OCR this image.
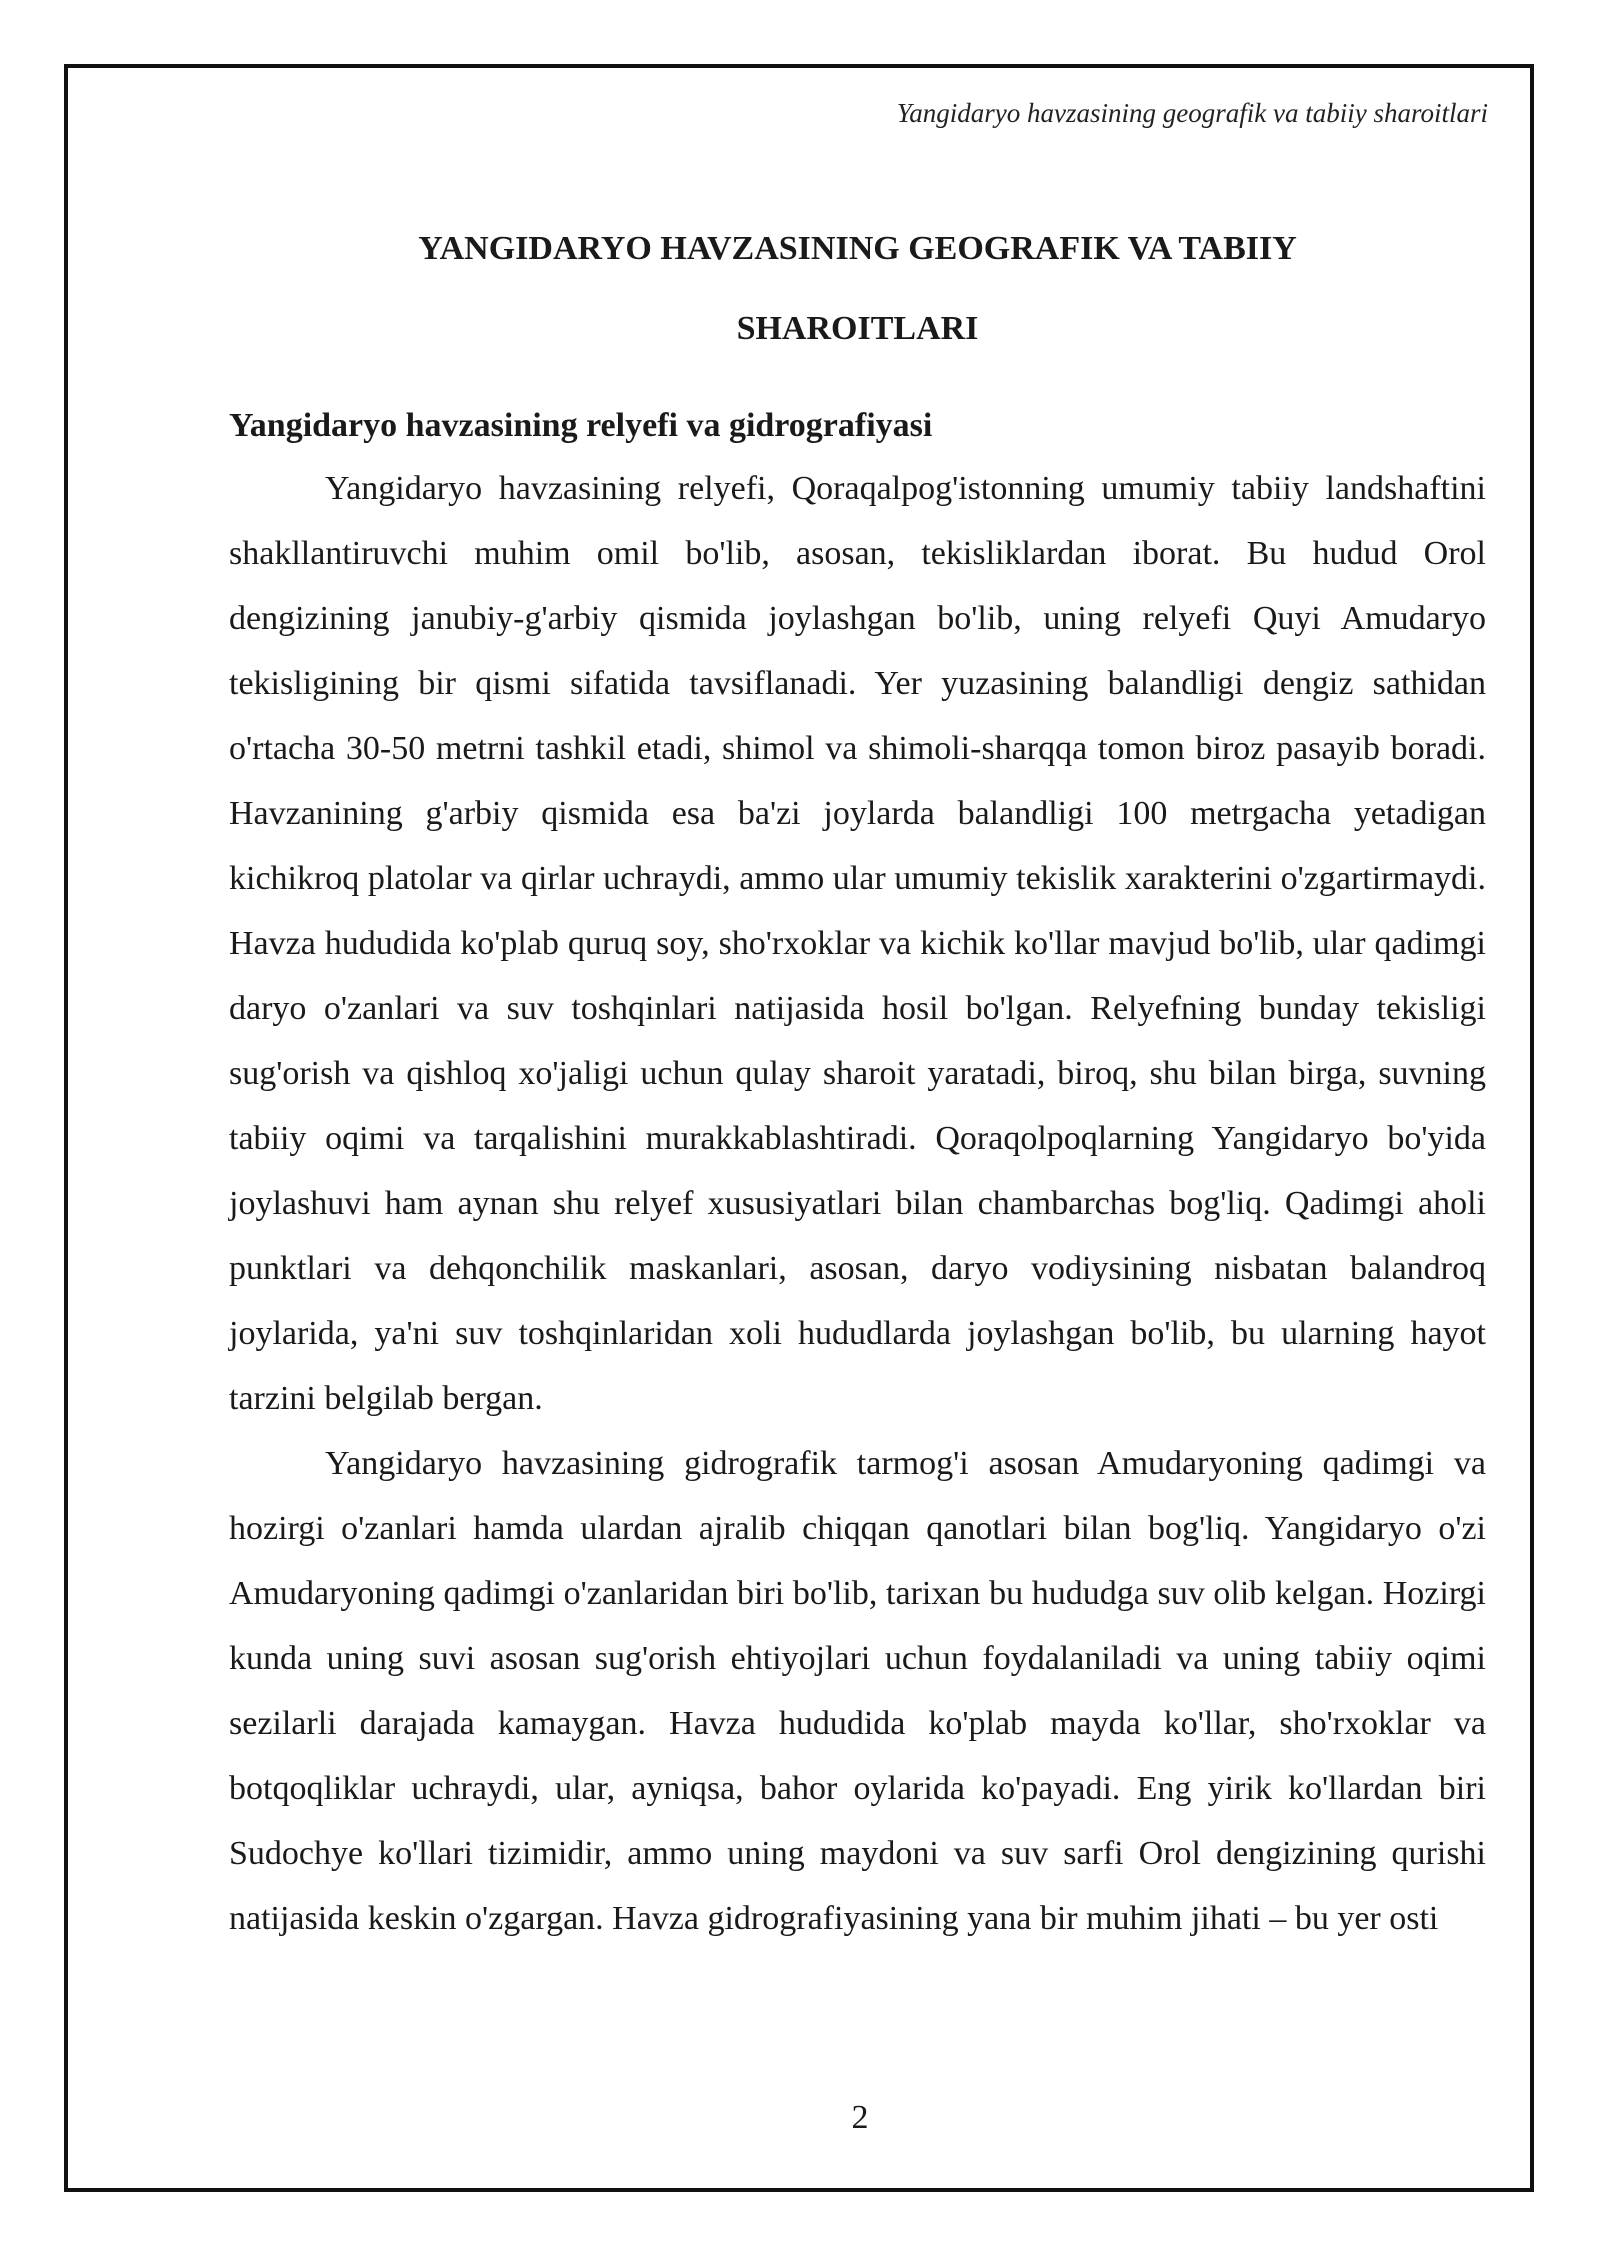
Yangidaryo havzasining geografik va tabiiy sharoitlari
YANGIDARYO HAVZASINING GEOGRAFIK VA TABIIY
SHAROITLARI
Yangidaryo havzasining relyefi va gidrografiyasi

Yangidaryo havzasining relyefi, Qoraqalpog'istonning umumiy tabiiy landshaftini shakllantiruvchi muhim omil bo'lib, asosan, tekisliklardan iborat. Bu hudud Orol dengizining janubiy-g'arbiy qismida joylashgan bo'lib, uning relyefi Quyi Amudaryo tekisligining bir qismi sifatida tavsiflanadi. Yer yuzasining balandligi dengiz sathidan o'rtacha 30-50 metrni tashkil etadi, shimol va shimoli-sharqqa tomon biroz pasayib boradi. Havzanining g'arbiy qismida esa ba'zi joylarda balandligi 100 metrgacha yetadigan kichikroq platolar va qirlar uchraydi, ammo ular umumiy tekislik xarakterini o'zgartirmaydi. Havza hududida ko'plab quruq soy, sho'rxoklar va kichik ko'llar mavjud bo'lib, ular qadimgi daryo o'zanlari va suv toshqinlari natijasida hosil bo'lgan. Relyefning bunday tekisligi sug'orish va qishloq xo'jaligi uchun qulay sharoit yaratadi, biroq, shu bilan birga, suvning tabiiy oqimi va tarqalishini murakkablashtiradi. Qoraqolpoqlarning Yangidaryo bo'yida joylashuvi ham aynan shu relyef xususiyatlari bilan chambarchas bog'liq. Qadimgi aholi punktlari va dehqonchilik maskanlari, asosan, daryo vodiysining nisbatan balandroq joylarida, ya'ni suv toshqinlaridan xoli hududlarda joylashgan bo'lib, bu ularning hayot tarzini belgilab bergan.

Yangidaryo havzasining gidrografik tarmog'i asosan Amudaryoning qadimgi va hozirgi o'zanlari hamda ulardan ajralib chiqqan qanotlari bilan bog'liq. Yangidaryo o'zi Amudaryoning qadimgi o'zanlaridan biri bo'lib, tarixan bu hududga suv olib kelgan. Hozirgi kunda uning suvi asosan sug'orish ehtiyojlari uchun foydalaniladi va uning tabiiy oqimi sezilarli darajada kamaygan. Havza hududida ko'plab mayda ko'llar, sho'rxoklar va botqoqliklar uchraydi, ular, ayniqsa, bahor oylarida ko'payadi. Eng yirik ko'llardan biri Sudochye ko'llari tizimidir, ammo uning maydoni va suv sarfi Orol dengizining qurishi natijasida keskin o'zgargan. Havza gidrografiyasining yana bir muhim jihati – bu yer osti

2
